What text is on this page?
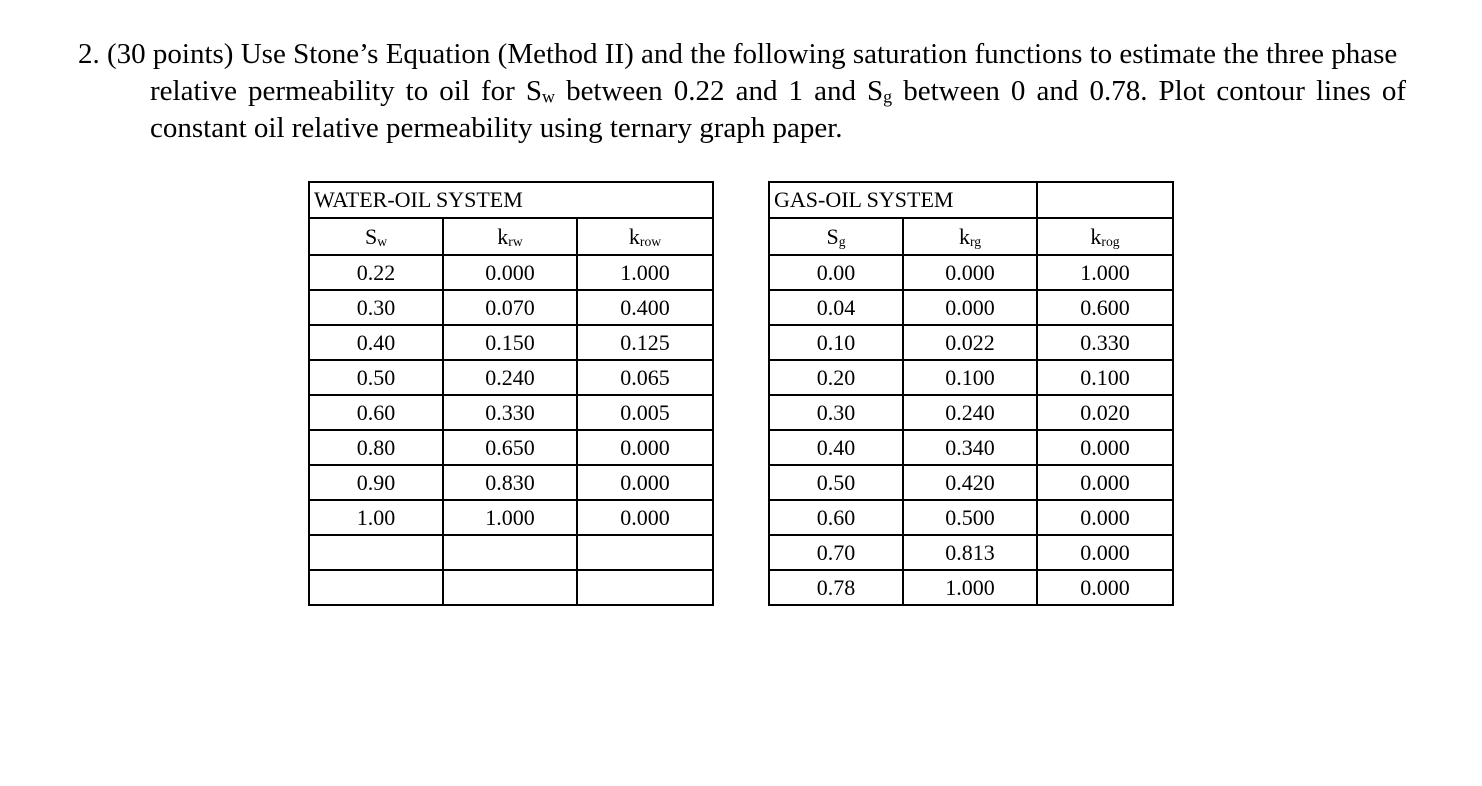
2. (30 points) Use Stone’s Equation (Method II) and the following saturation functions to estimate the three phase
relative permeability to oil for $S_w$ between 0.22 and 1 and $S_g$ between 0 and 0.78. Plot contour lines of
constant oil relative permeability using ternary graph paper.
WATER-OIL SYSTEM		
$S_w$	$k_{rw}$	$k_{row}$
0.22	0.000	1.000
0.30	0.070	0.400
0.40	0.150	0.125
0.50	0.240	0.065
0.60	0.330	0.005
0.80	0.650	0.000
0.90	0.830	0.000
1.00	1.000	0.000

GAS-OIL SYSTEM		
$S_g$	$k_{rg}$	$k_{rog}$
0.00	0.000	1.000
0.04	0.000	0.600
0.10	0.022	0.330
0.20	0.100	0.100
0.30	0.240	0.020
0.40	0.340	0.000
0.50	0.420	0.000
0.60	0.500	0.000
0.70	0.813	0.000
0.78	1.000	0.000
